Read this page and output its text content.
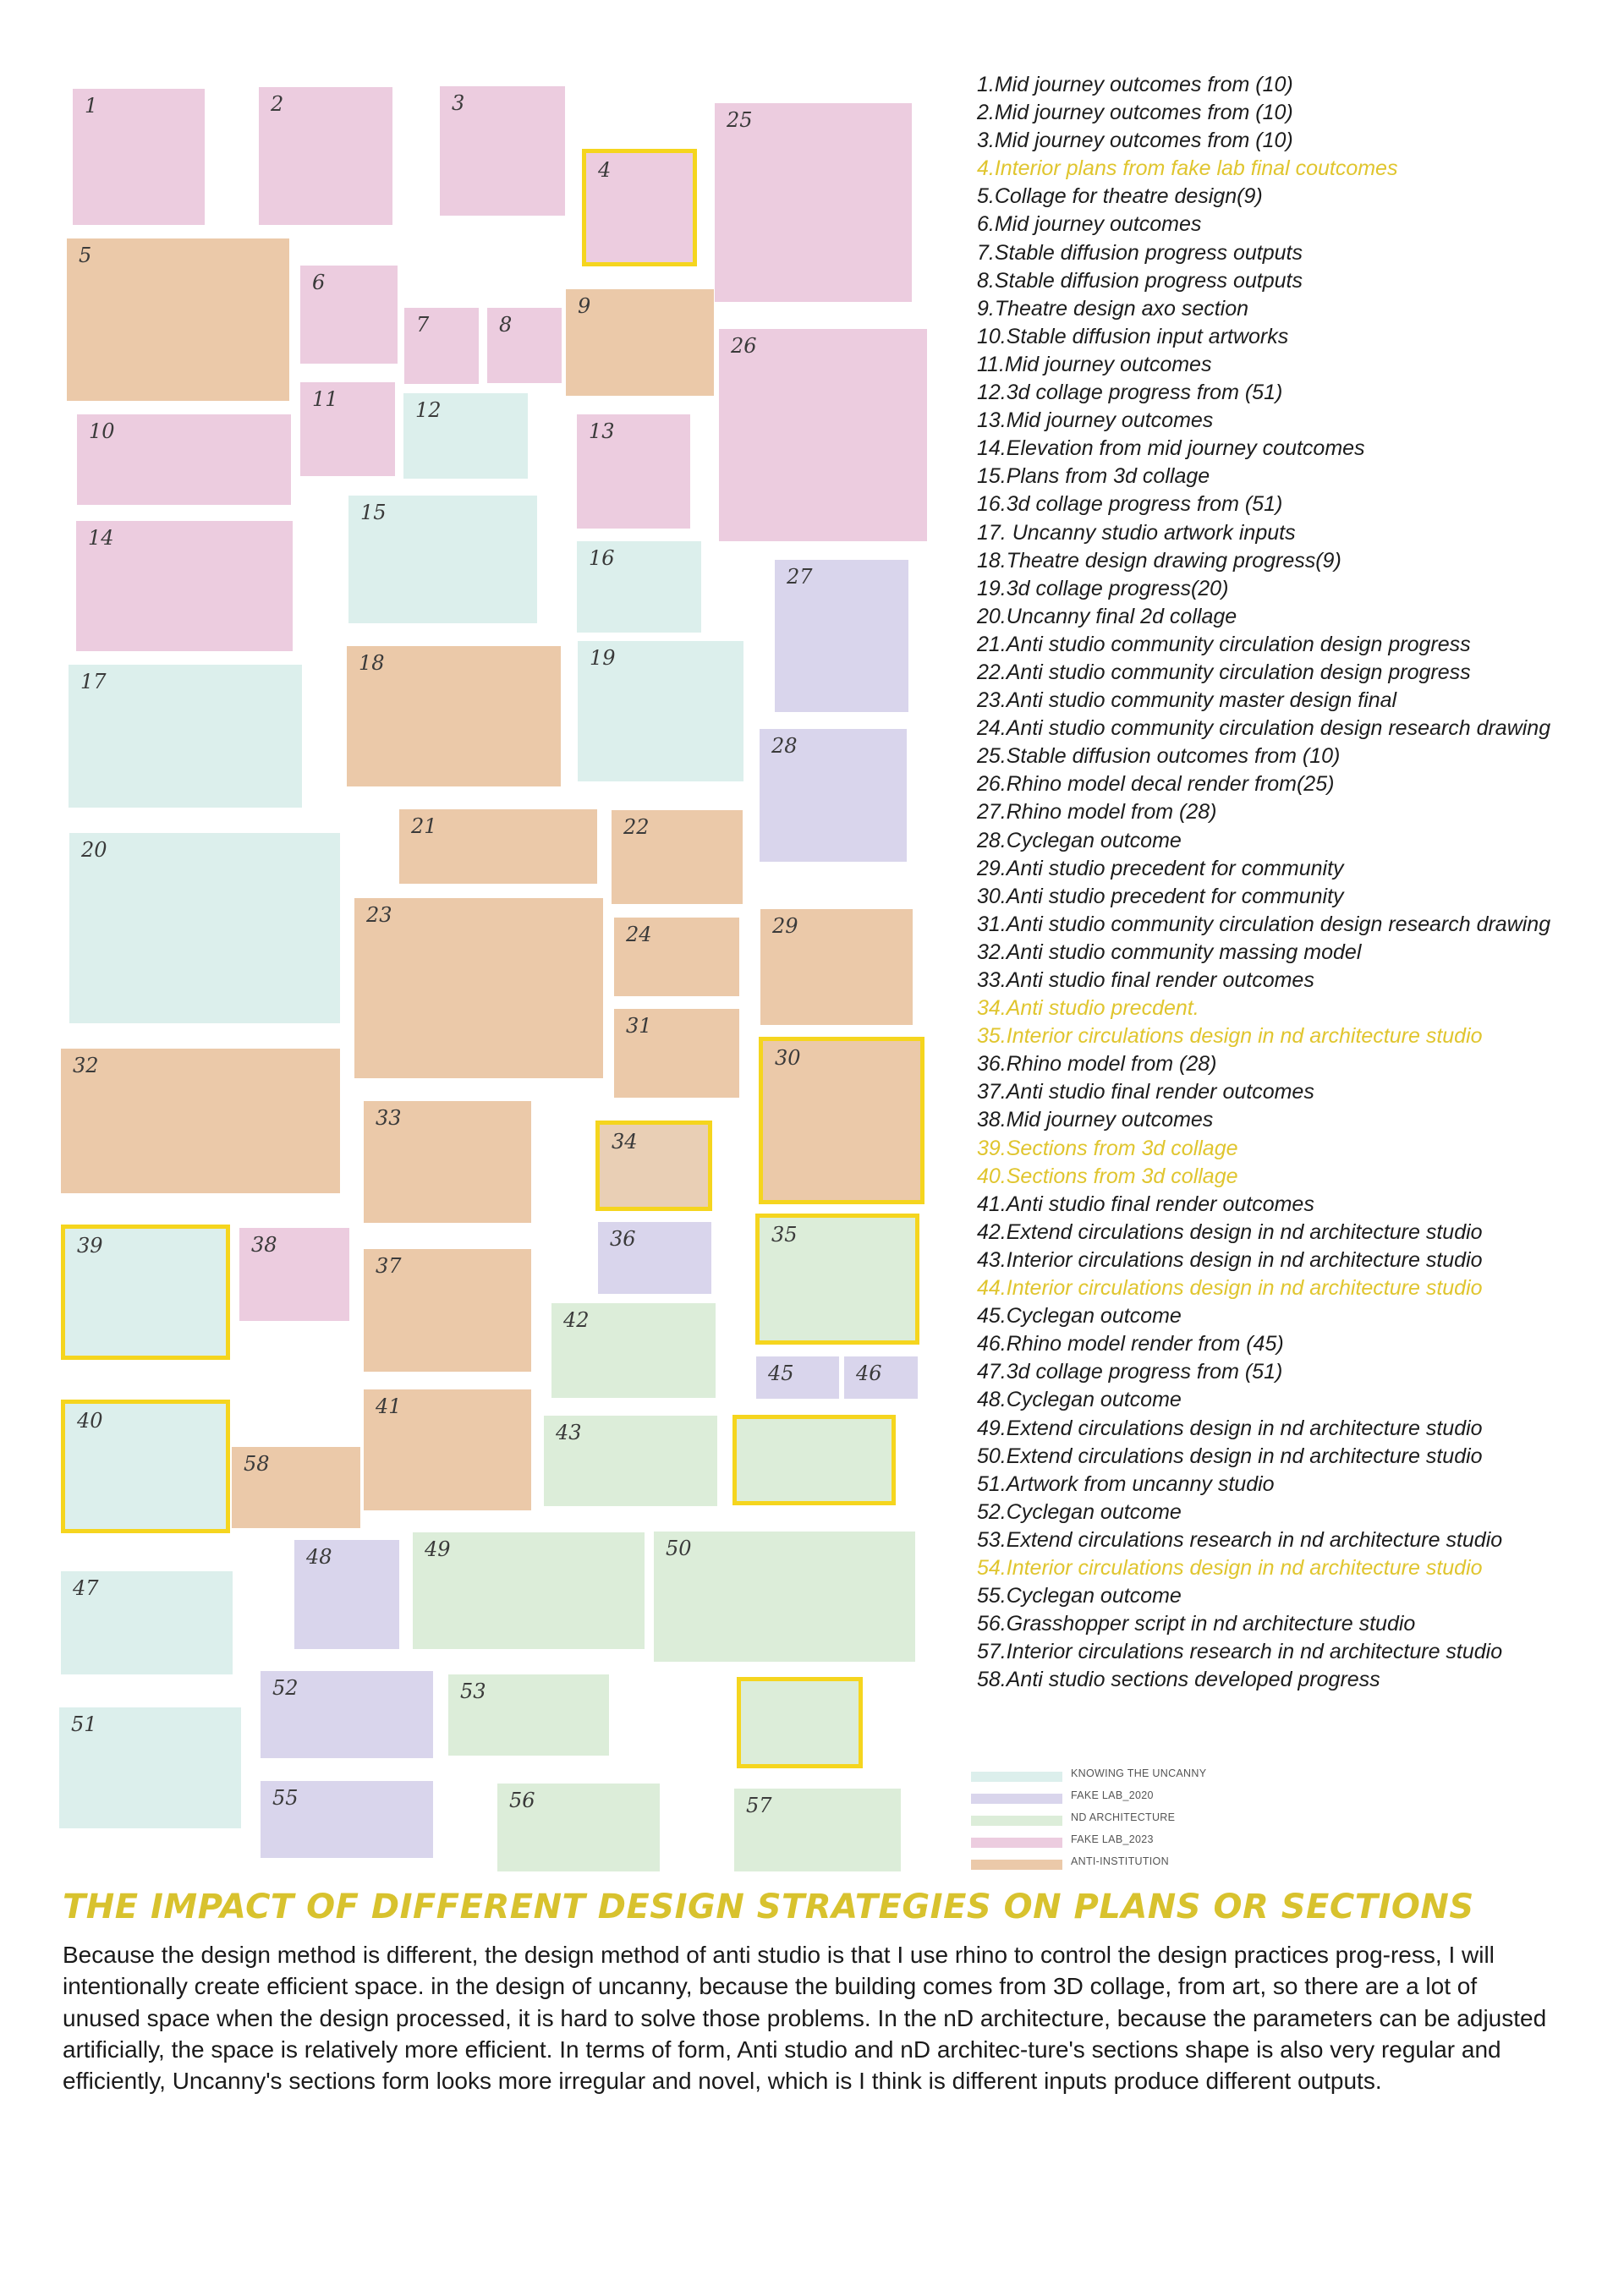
1	2	3
4
25
5
6
7	8
9
26
11	12
10	13
14
15
16
27
17
18	19
28
20
21	22
23
24	29
31
30
32
33
34
39	38	36	35
37
42
45	46
40
41
58
43
48	49	50
47
52	53
51
55	56	57
1.Mid journey outcomes from (10)
2.Mid journey outcomes from (10)
3.Mid journey outcomes from (10)
4.Interior plans from fake lab final coutcomes
5.Collage for theatre design(9)
6.Mid journey outcomes
7.Stable diffusion progress outputs
8.Stable diffusion progress outputs
9.Theatre design axo section
10.Stable diffusion input artworks
11.Mid journey outcomes
12.3d collage progress from (51)
13.Mid journey outcomes
14.Elevation from mid journey coutcomes
15.Plans from 3d collage
16.3d collage progress from (51)
17. Uncanny studio artwork inputs
18.Theatre design drawing progress(9)
19.3d collage progress(20)
20.Uncanny final 2d collage
21.Anti studio community circulation design progress
22.Anti studio community circulation design progress
23.Anti studio community master design final
24.Anti studio community circulation design research drawing
25.Stable diffusion outcomes from (10)
26.Rhino model decal render from(25)
27.Rhino model from (28)
28.Cyclegan outcome
29.Anti studio precedent for community
30.Anti studio precedent for community
31.Anti studio community circulation design research drawing
32.Anti studio community massing model
33.Anti studio final render outcomes
34.Anti studio precdent.
35.Interior circulations design in nd architecture studio
36.Rhino model from (28)
37.Anti studio final render outcomes
38.Mid journey outcomes
39.Sections from 3d collage
40.Sections from 3d collage
41.Anti studio final render outcomes
42.Extend circulations design in nd architecture studio
43.Interior circulations design in nd architecture studio
44.Interior circulations design in nd architecture studio
45.Cyclegan outcome
46.Rhino model render from (45)
47.3d collage progress from (51)
48.Cyclegan outcome
49.Extend circulations design in nd architecture studio
50.Extend circulations design in nd architecture studio
51.Artwork from uncanny studio
52.Cyclegan outcome
53.Extend circulations research in nd architecture studio
54.Interior circulations design in nd architecture studio
55.Cyclegan outcome
56.Grasshopper script in nd architecture studio
57.Interior circulations research in nd architecture studio
58.Anti studio sections developed progress
KNOWING THE UNCANNY
FAKE LAB_2020
ND ARCHITECTURE
FAKE LAB_2023
ANTI-INSTITUTION
THE IMPACT OF DIFFERENT DESIGN STRATEGIES ON PLANS OR SECTIONS

Because the design method is different, the design method of anti studio is that I use rhino to control the design practices prog-ress, I will intentionally create efficient space. in the design of uncanny, because the building comes from 3D collage, from art, so there are a lot of unused space when the design processed, it is hard to solve those problems. In the nD architecture, because the parameters can be adjusted artificially, the space is relatively more efficient. In terms of form, Anti studio and nD architec-ture's sections shape is also very regular and efficiently, Uncanny's sections form looks more irregular and novel, which is I think is different inputs produce different outputs.
